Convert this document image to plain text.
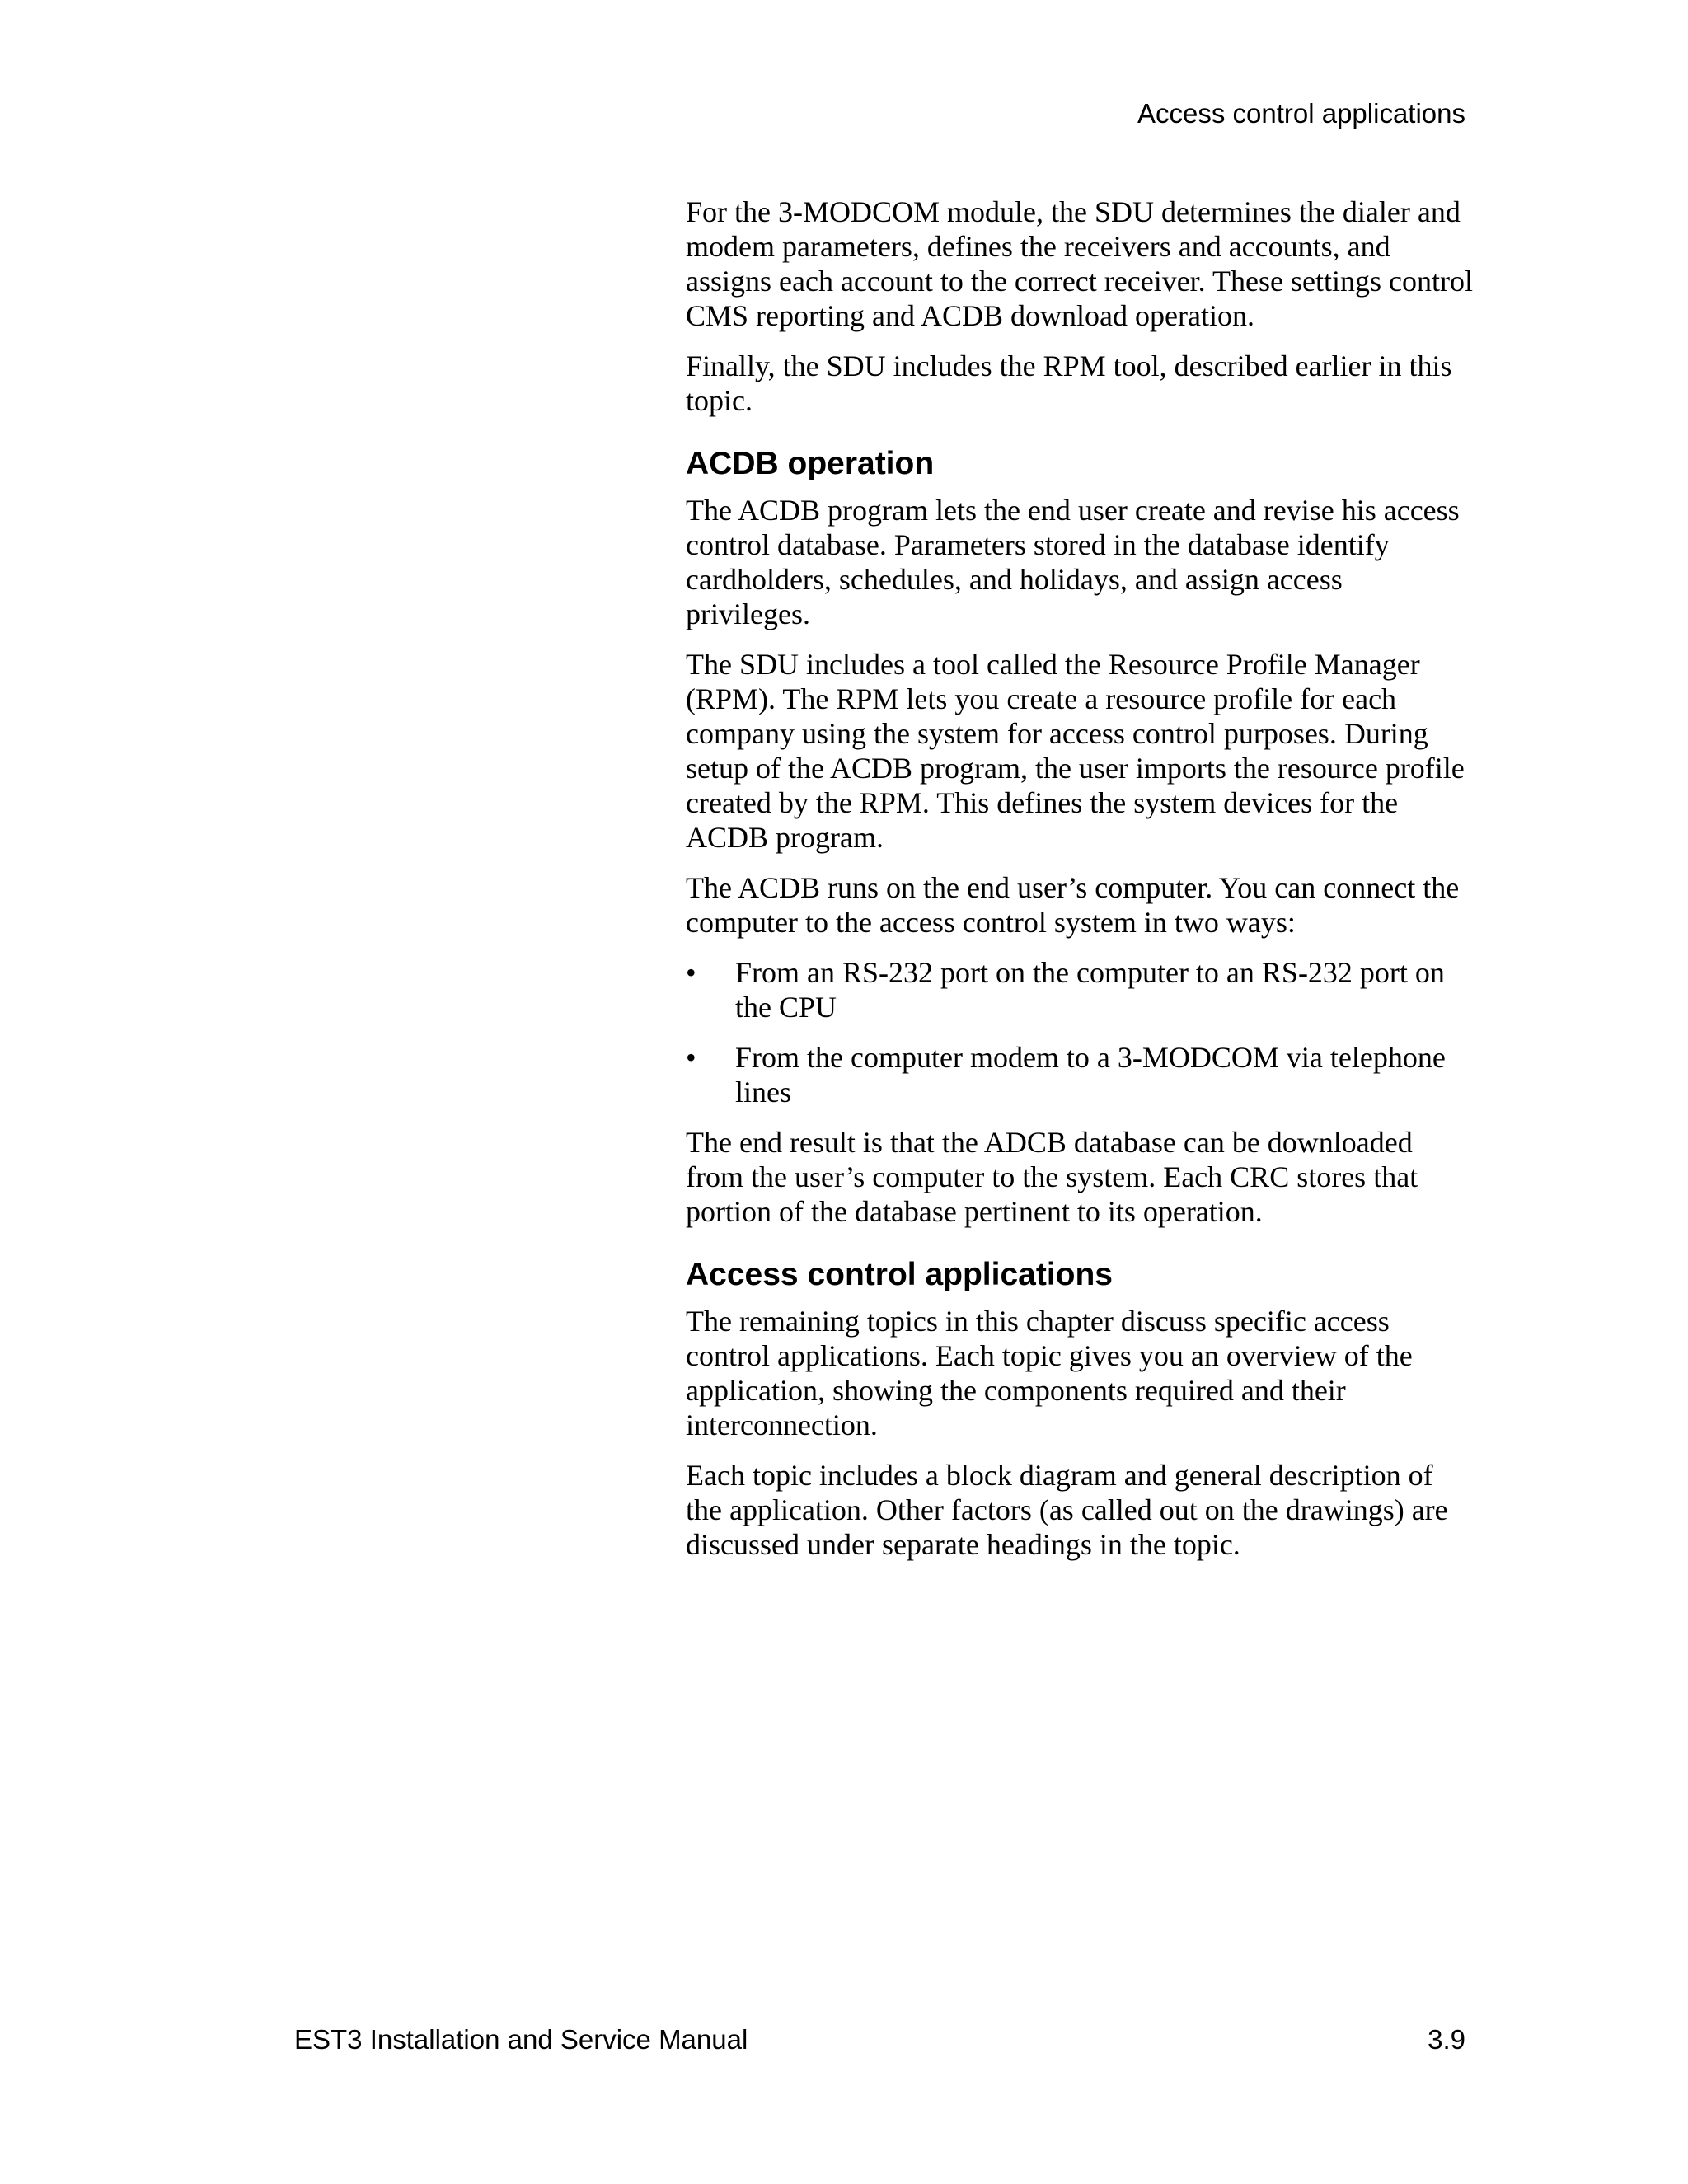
Access control applications

For the 3-MODCOM module, the SDU determines the dialer and modem parameters, defines the receivers and accounts, and assigns each account to the correct receiver. These settings control CMS reporting and ACDB download operation.

Finally, the SDU includes the RPM tool, described earlier in this topic.

ACDB operation

The ACDB program lets the end user create and revise his access control database. Parameters stored in the database identify cardholders, schedules, and holidays, and assign access privileges.

The SDU includes a tool called the Resource Profile Manager (RPM). The RPM lets you create a resource profile for each company using the system for access control purposes. During setup of the ACDB program, the user imports the resource profile created by the RPM. This defines the system devices for the ACDB program.

The ACDB runs on the end user’s computer. You can connect the computer to the access control system in two ways:

•	From an RS-232 port on the computer to an RS-232 port on the CPU
•	From the computer modem to a 3-MODCOM via telephone lines

The end result is that the ADCB database can be downloaded from the user’s computer to the system. Each CRC stores that portion of the database pertinent to its operation.

Access control applications

The remaining topics in this chapter discuss specific access control applications. Each topic gives you an overview of the application, showing the components required and their interconnection.

Each topic includes a block diagram and general description of the application. Other factors (as called out on the drawings) are discussed under separate headings in the topic.

EST3 Installation and Service Manual	3.9
